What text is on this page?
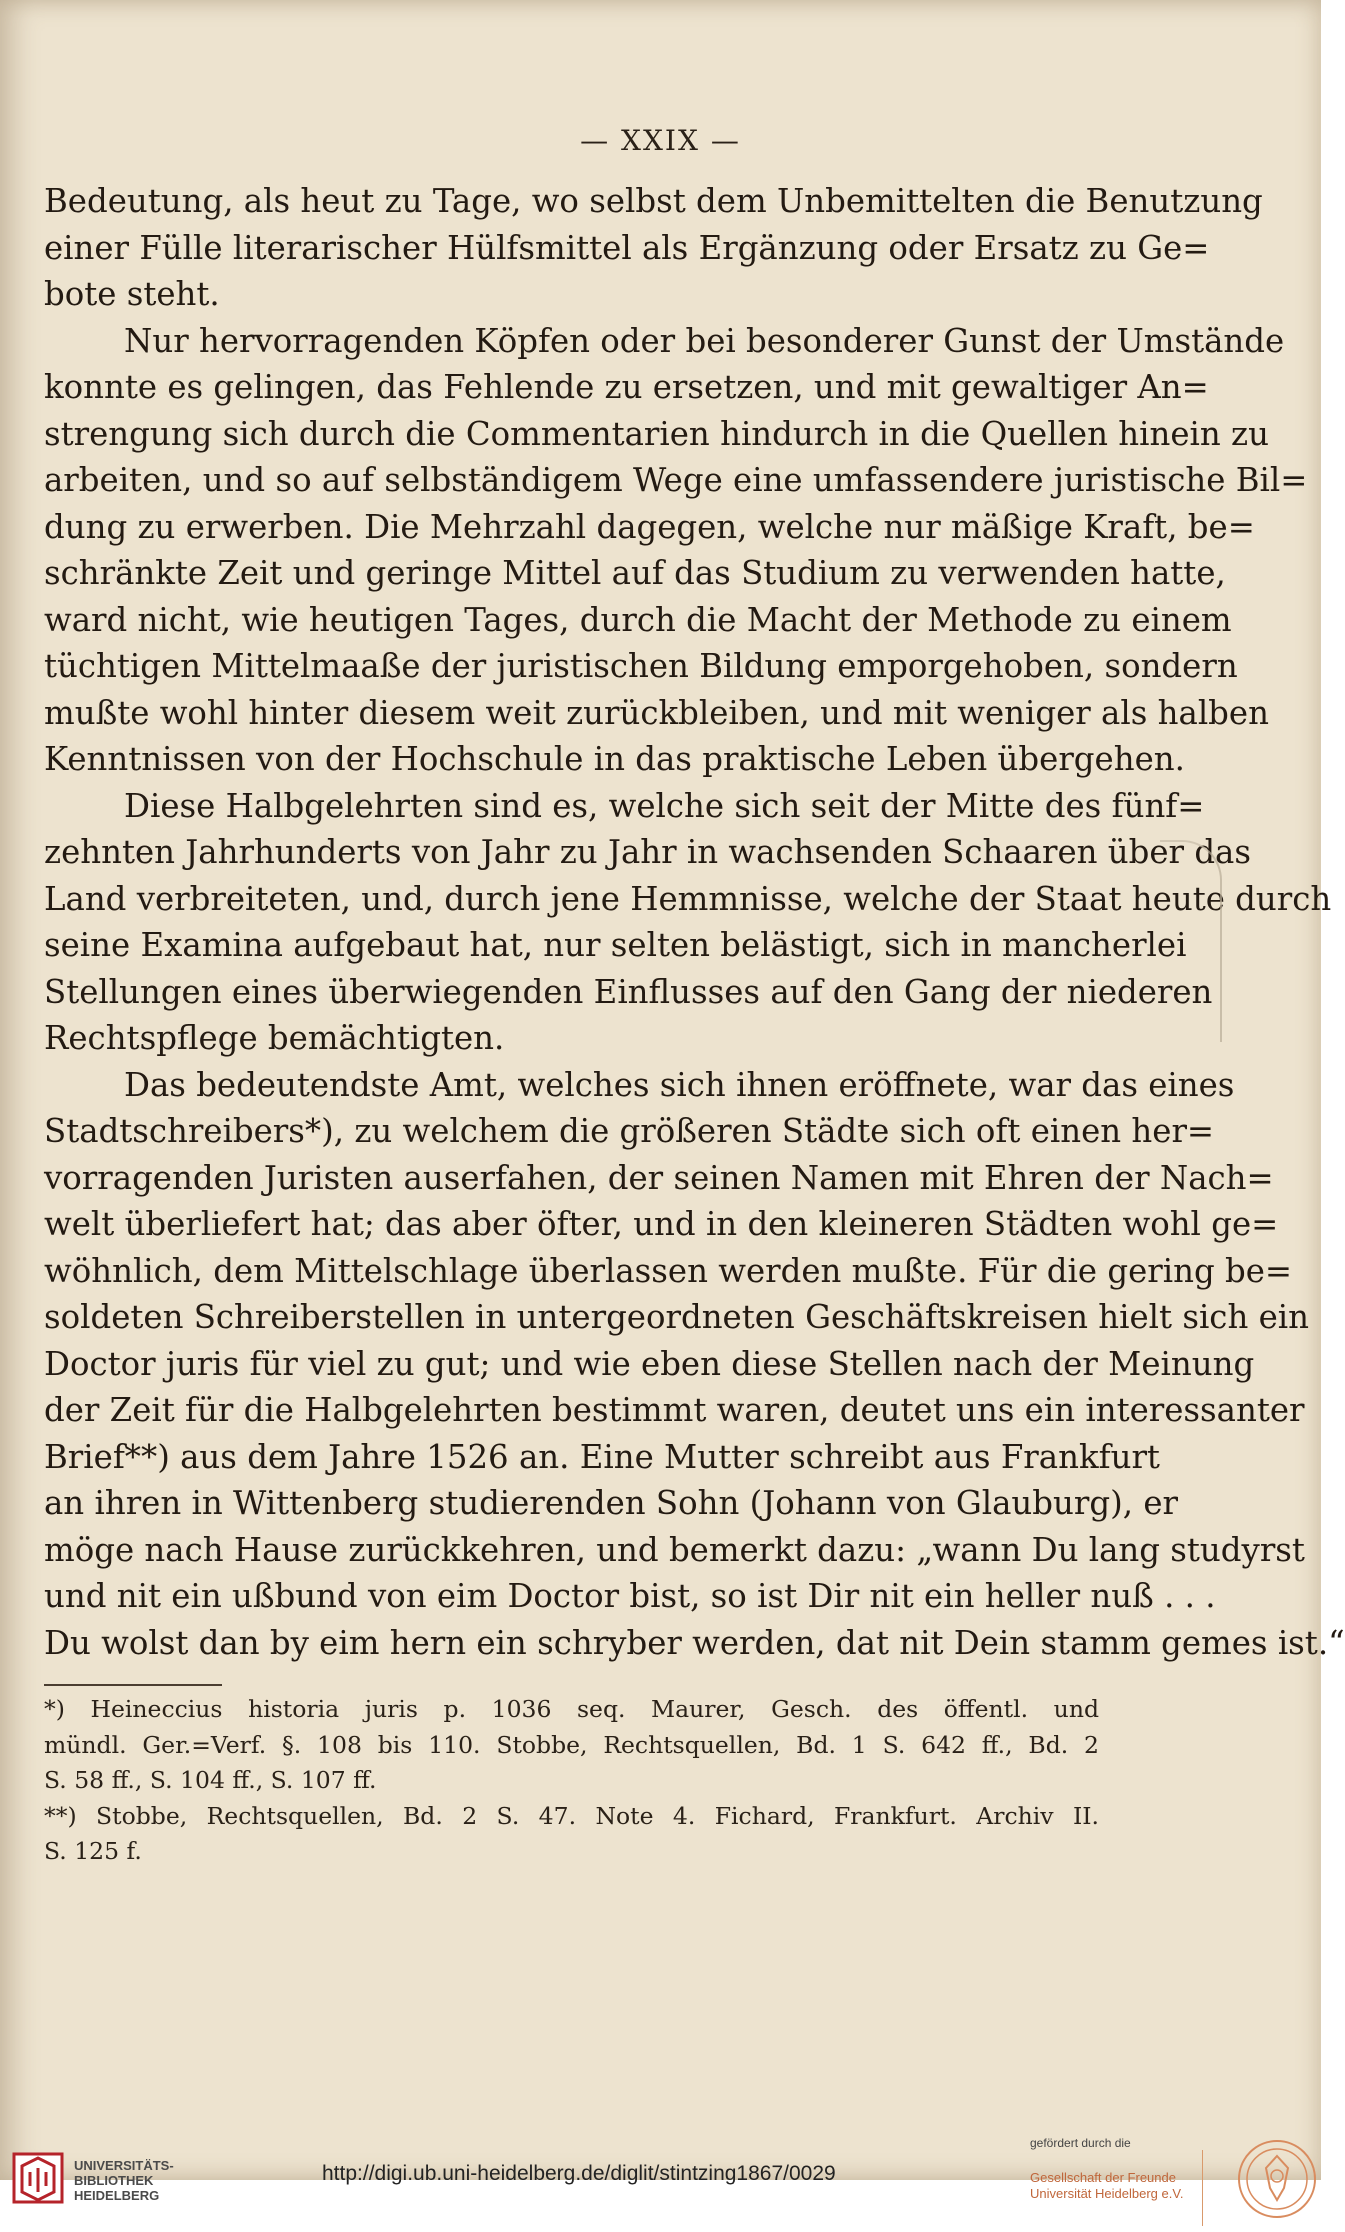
— XXIX —
Bedeutung, als heut zu Tage, wo selbst dem Unbemittelten die Benutzung
einer Fülle literarischer Hülfsmittel als Ergänzung oder Ersatz zu Ge=
bote steht.
Nur hervorragenden Köpfen oder bei besonderer Gunst der Umstände
konnte es gelingen, das Fehlende zu ersetzen, und mit gewaltiger An=
strengung sich durch die Commentarien hindurch in die Quellen hinein zu
arbeiten, und so auf selbständigem Wege eine umfassendere juristische Bil=
dung zu erwerben. Die Mehrzahl dagegen, welche nur mäßige Kraft, be=
schränkte Zeit und geringe Mittel auf das Studium zu verwenden hatte,
ward nicht, wie heutigen Tages, durch die Macht der Methode zu einem
tüchtigen Mittelmaaße der juristischen Bildung emporgehoben, sondern
mußte wohl hinter diesem weit zurückbleiben, und mit weniger als halben
Kenntnissen von der Hochschule in das praktische Leben übergehen.
Diese Halbgelehrten sind es, welche sich seit der Mitte des fünf=
zehnten Jahrhunderts von Jahr zu Jahr in wachsenden Schaaren über das
Land verbreiteten, und, durch jene Hemmnisse, welche der Staat heute durch
seine Examina aufgebaut hat, nur selten belästigt, sich in mancherlei
Stellungen eines überwiegenden Einflusses auf den Gang der niederen
Rechtspflege bemächtigten.
Das bedeutendste Amt, welches sich ihnen eröffnete, war das eines
Stadtschreibers*), zu welchem die größeren Städte sich oft einen her=
vorragenden Juristen auserfahen, der seinen Namen mit Ehren der Nach=
welt überliefert hat; das aber öfter, und in den kleineren Städten wohl ge=
wöhnlich, dem Mittelschlage überlassen werden mußte. Für die gering be=
soldeten Schreiberstellen in untergeordneten Geschäftskreisen hielt sich ein
Doctor juris für viel zu gut; und wie eben diese Stellen nach der Meinung
der Zeit für die Halbgelehrten bestimmt waren, deutet uns ein interessanter
Brief**) aus dem Jahre 1526 an. Eine Mutter schreibt aus Frankfurt
an ihren in Wittenberg studierenden Sohn (Johann von Glauburg), er
möge nach Hause zurückkehren, und bemerkt dazu: „wann Du lang studyrst
und nit ein ußbund von eim Doctor bist, so ist Dir nit ein heller nuß . . .
Du wolst dan by eim hern ein schryber werden, dat nit Dein stamm gemes ist.“
*) Heineccius historia juris p. 1036 seq. Maurer, Gesch. des öffentl. und
mündl. Ger.=Verf. §. 108 bis 110. Stobbe, Rechtsquellen, Bd. 1 S. 642 ff., Bd. 2
S. 58 ff., S. 104 ff., S. 107 ff.
**) Stobbe, Rechtsquellen, Bd. 2 S. 47. Note 4. Fichard, Frankfurt. Archiv II.
S. 125 f.
UNIVERSITÄTS-
BIBLIOTHEK
HEIDELBERG
http://digi.ub.uni-heidelberg.de/diglit/stintzing1867/0029
gefördert durch die
Gesellschaft der Freunde
Universität Heidelberg e.V.
